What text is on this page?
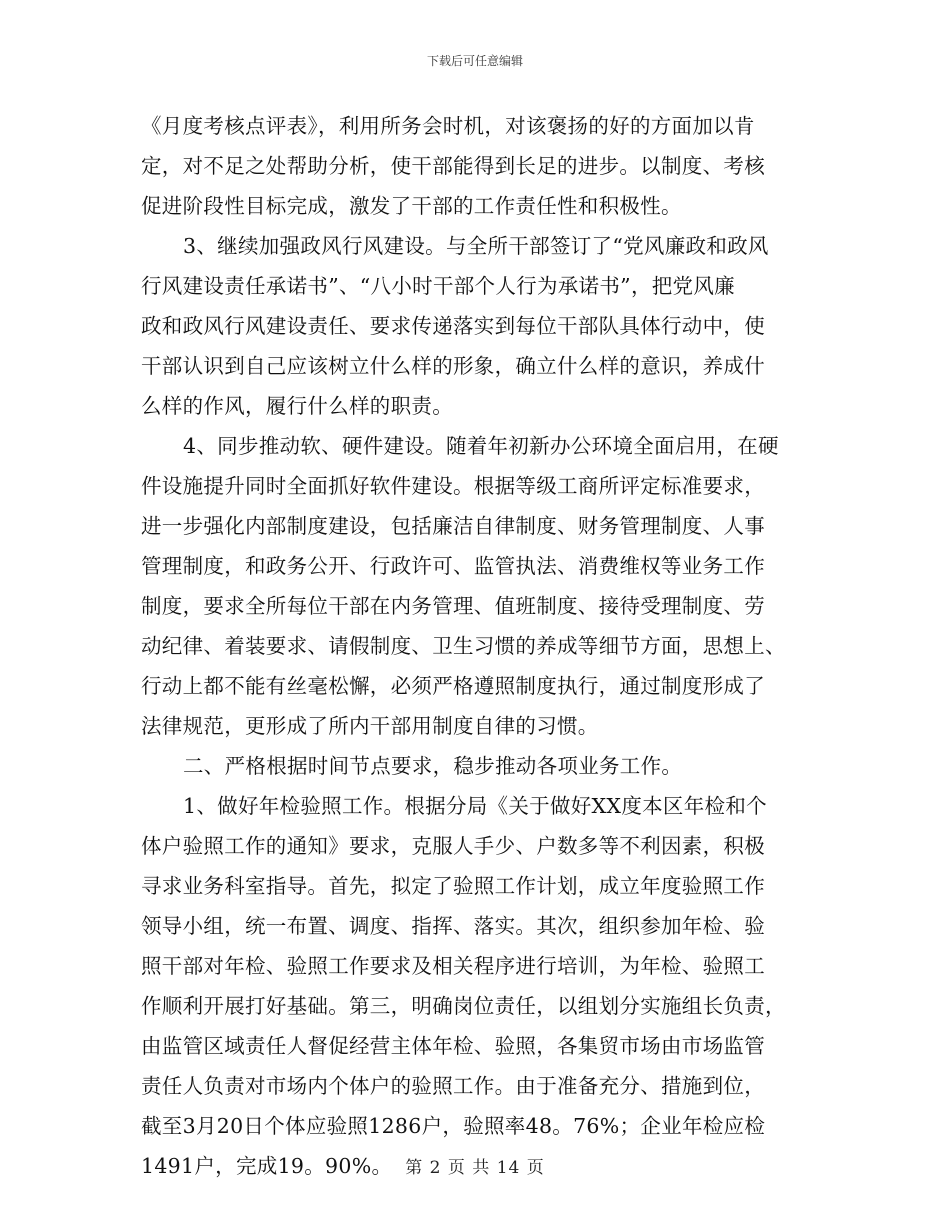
下载后可任意编辑
《月度考核点评表》，利用所务会时机，对该褒扬的好的方面加以肯
定，对不足之处帮助分析，使干部能得到长足的进步。以制度、考核
促进阶段性目标完成，激发了干部的工作责任性和积极性。
3、继续加强政风行风建设。与全所干部签订了“党风廉政和政风
行风建设责任承诺书”、“八小时干部个人行为承诺书”，把党风廉
政和政风行风建设责任、要求传递落实到每位干部队具体行动中，使
干部认识到自己应该树立什么样的形象，确立什么样的意识，养成什
么样的作风，履行什么样的职责。
4、同步推动软、硬件建设。随着年初新办公环境全面启用，在硬
件设施提升同时全面抓好软件建设。根据等级工商所评定标准要求，
进一步强化内部制度建设，包括廉洁自律制度、财务管理制度、人事
管理制度，和政务公开、行政许可、监管执法、消费维权等业务工作
制度，要求全所每位干部在内务管理、值班制度、接待受理制度、劳
动纪律、着装要求、请假制度、卫生习惯的养成等细节方面，思想上、
行动上都不能有丝毫松懈，必须严格遵照制度执行，通过制度形成了
法律规范，更形成了所内干部用制度自律的习惯。
二、严格根据时间节点要求，稳步推动各项业务工作。
1、做好年检验照工作。根据分局《关于做好XX度本区年检和个
体户验照工作的通知》要求，克服人手少、户数多等不利因素，积极
寻求业务科室指导。首先，拟定了验照工作计划，成立年度验照工作
领导小组，统一布置、调度、指挥、落实。其次，组织参加年检、验
照干部对年检、验照工作要求及相关程序进行培训，为年检、验照工
作顺利开展打好基础。第三，明确岗位责任，以组划分实施组长负责，
由监管区域责任人督促经营主体年检、验照，各集贸市场由市场监管
责任人负责对市场内个体户的验照工作。由于准备充分、措施到位，
截至3月20日个体应验照1286户，验照率48。76%；企业年检应检
1491户，完成19。90%。 第 2 页 共 14 页
